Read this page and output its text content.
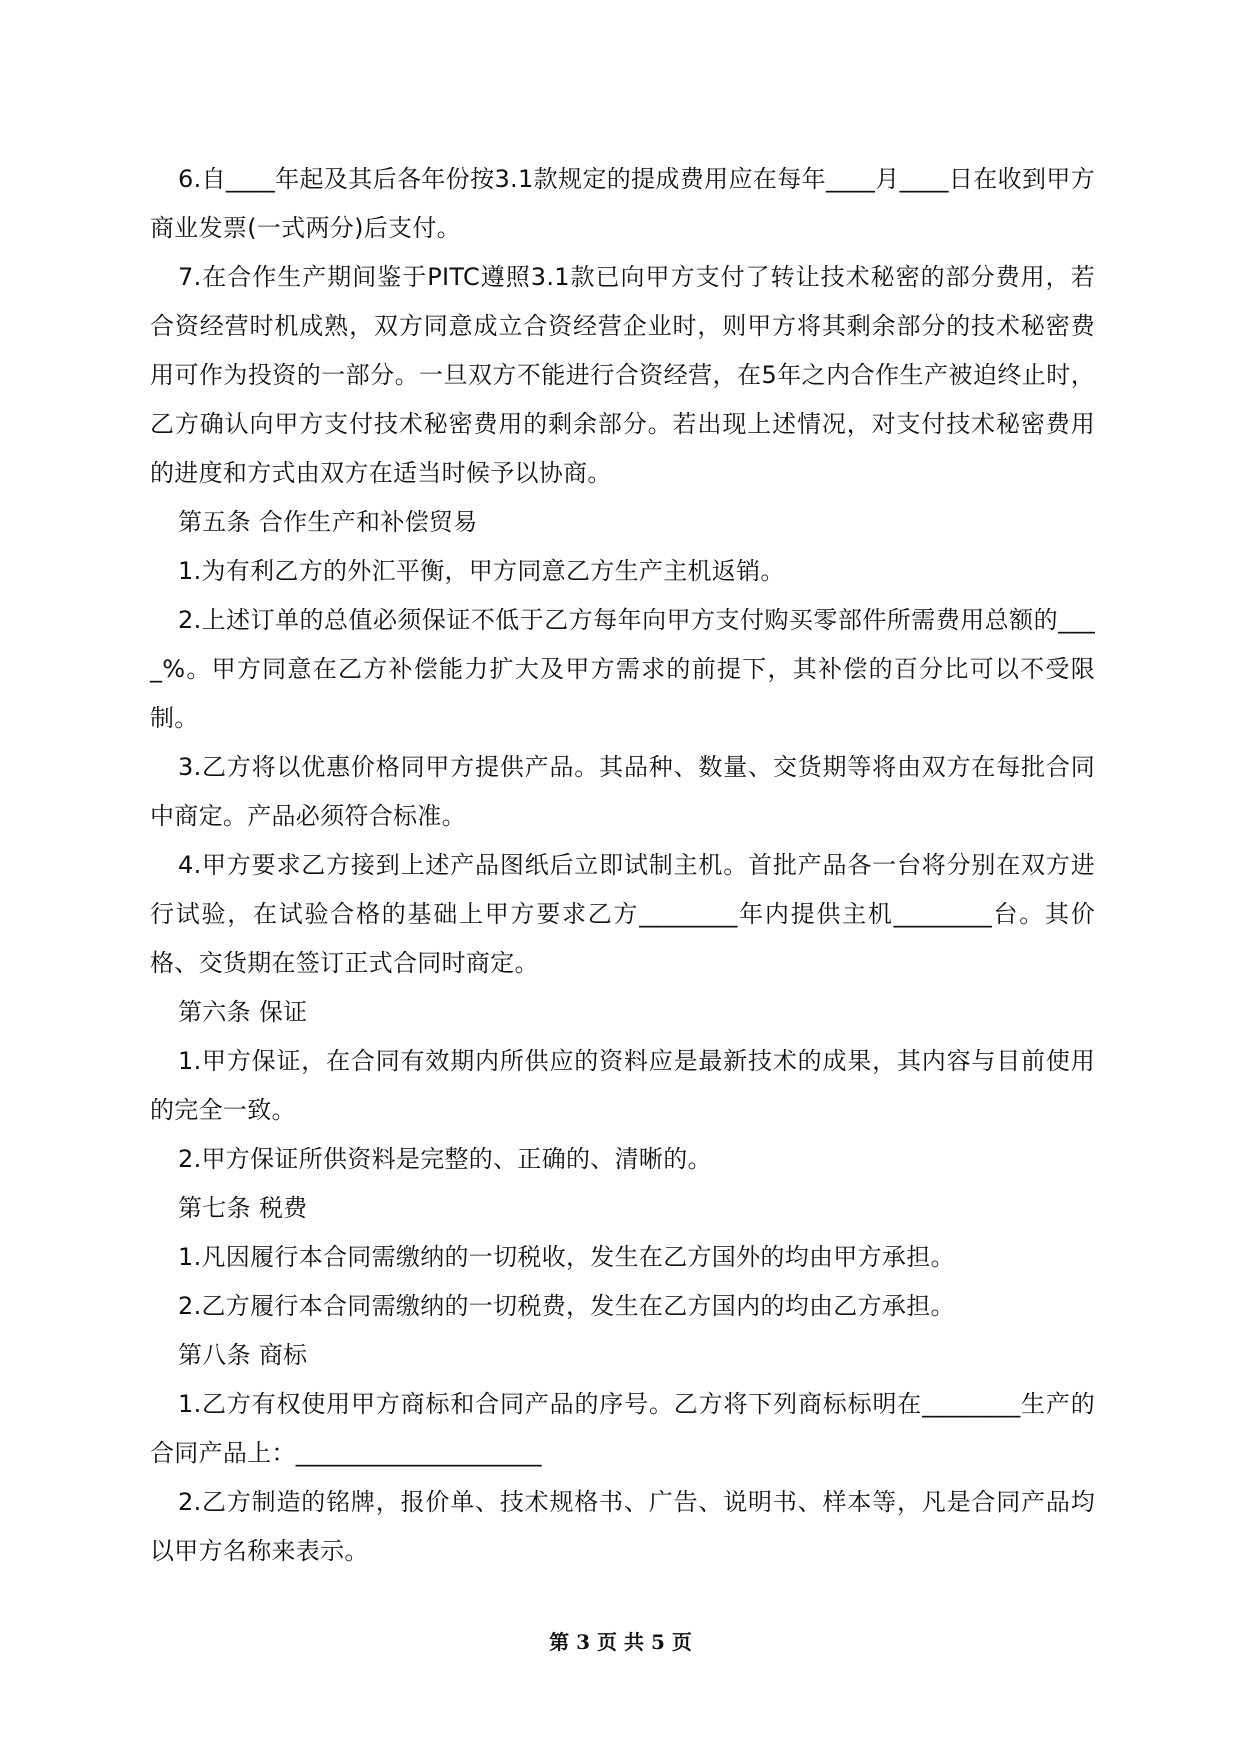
6.自____年起及其后各年份按3.1款规定的提成费用应在每年____月____日在收到甲方商业发票(一式两分)后支付。

7.在合作生产期间鉴于PITC遵照3.1款已向甲方支付了转让技术秘密的部分费用，若合资经营时机成熟，双方同意成立合资经营企业时，则甲方将其剩余部分的技术秘密费用可作为投资的一部分。一旦双方不能进行合资经营，在5年之内合作生产被迫终止时，乙方确认向甲方支付技术秘密费用的剩余部分。若出现上述情况，对支付技术秘密费用的进度和方式由双方在适当时候予以协商。

第五条 合作生产和补偿贸易

1.为有利乙方的外汇平衡，甲方同意乙方生产主机返销。

2.上述订单的总值必须保证不低于乙方每年向甲方支付购买零部件所需费用总额的____%。甲方同意在乙方补偿能力扩大及甲方需求的前提下，其补偿的百分比可以不受限制。

3.乙方将以优惠价格同甲方提供产品。其品种、数量、交货期等将由双方在每批合同中商定。产品必须符合标准。

4.甲方要求乙方接到上述产品图纸后立即试制主机。首批产品各一台将分别在双方进行试验，在试验合格的基础上甲方要求乙方________年内提供主机________台。其价格、交货期在签订正式合同时商定。

第六条 保证

1.甲方保证，在合同有效期内所供应的资料应是最新技术的成果，其内容与目前使用的完全一致。

2.甲方保证所供资料是完整的、正确的、清晰的。

第七条 税费

1.凡因履行本合同需缴纳的一切税收，发生在乙方国外的均由甲方承担。

2.乙方履行本合同需缴纳的一切税费，发生在乙方国内的均由乙方承担。

第八条 商标

1.乙方有权使用甲方商标和合同产品的序号。乙方将下列商标标明在________生产的合同产品上：____________________

2.乙方制造的铭牌，报价单、技术规格书、广告、说明书、样本等，凡是合同产品均以甲方名称来表示。

第 3 页 共 5 页
